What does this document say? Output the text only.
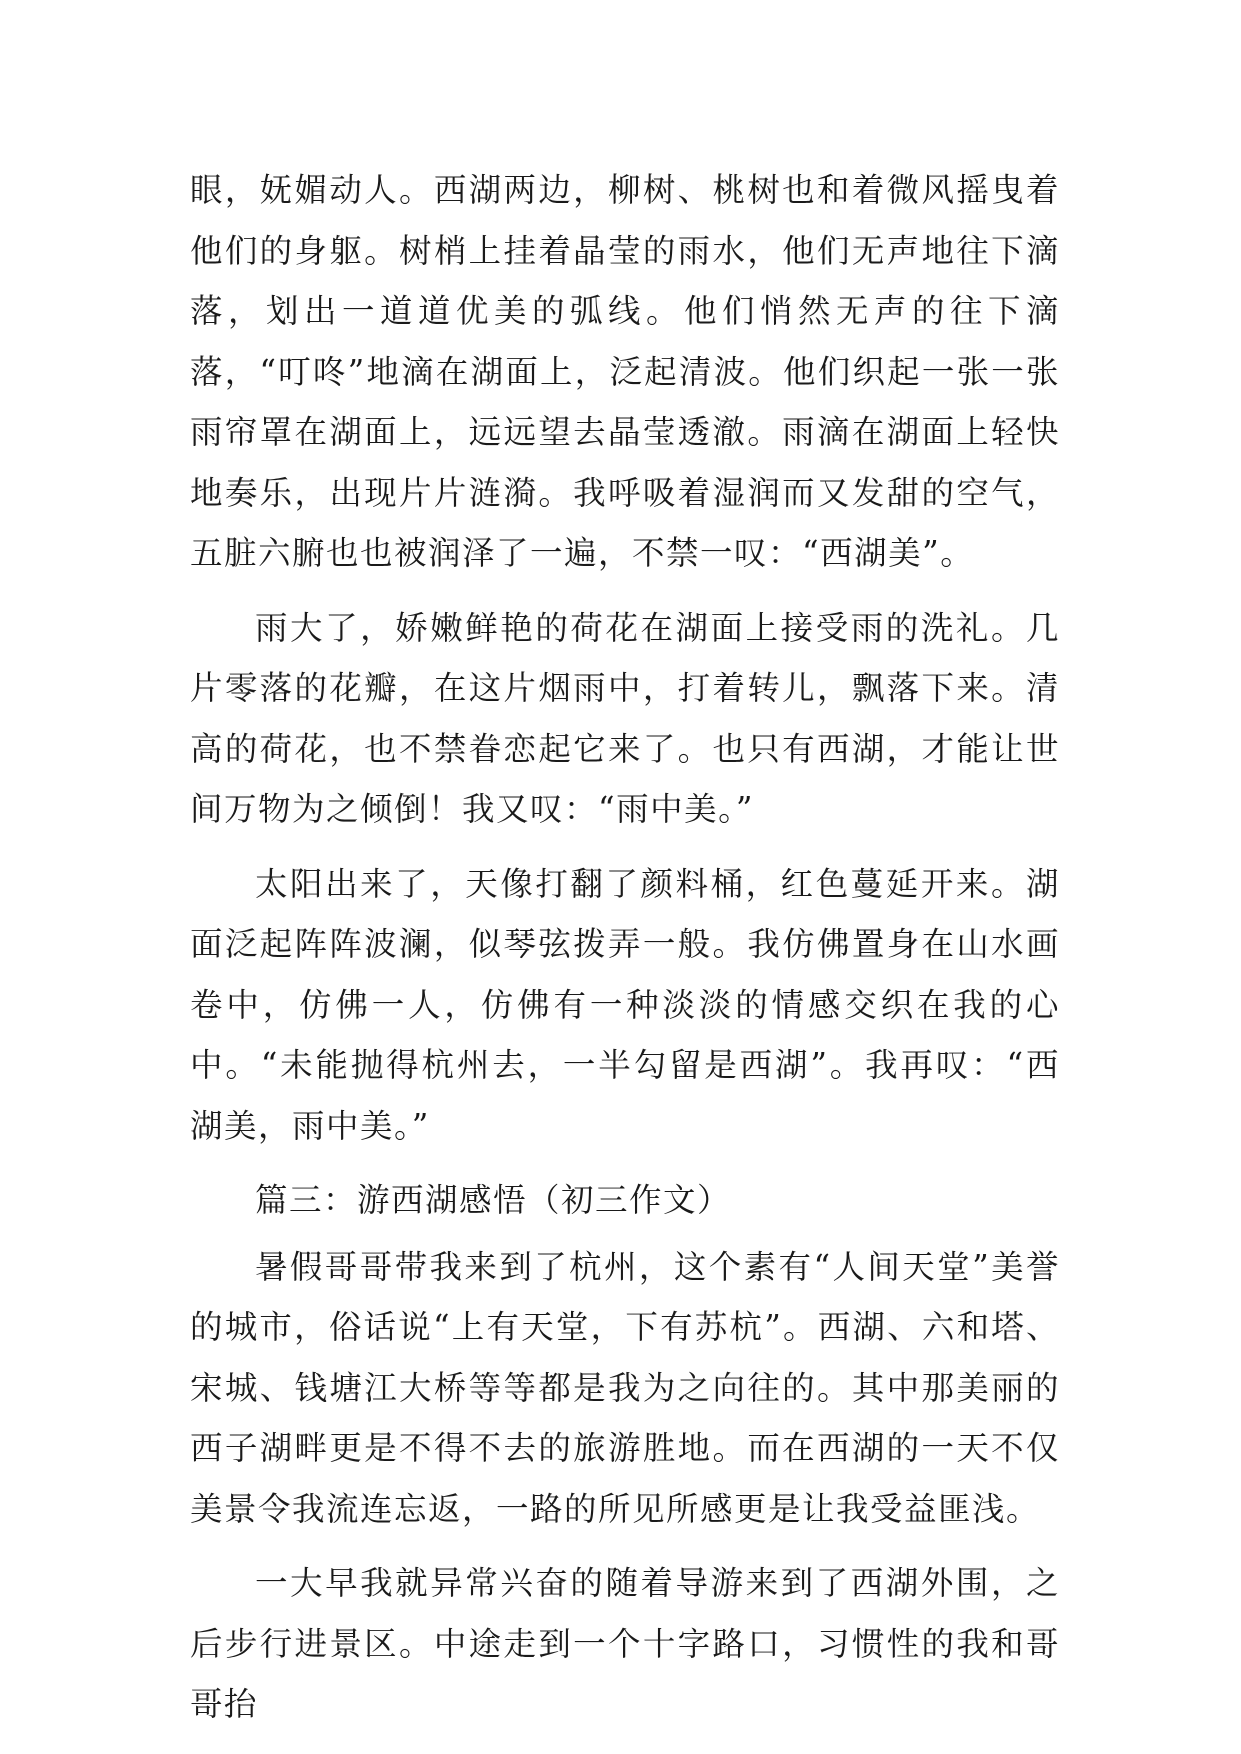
眼，妩媚动人。西湖两边，柳树、桃树也和着微风摇曳着他们的身躯。树梢上挂着晶莹的雨水，他们无声地往下滴落，划出一道道优美的弧线。他们悄然无声的往下滴落，“叮咚”地滴在湖面上，泛起清波。他们织起一张一张雨帘罩在湖面上，远远望去晶莹透澈。雨滴在湖面上轻快地奏乐，出现片片涟漪。我呼吸着湿润而又发甜的空气，五脏六腑也也被润泽了一遍，不禁一叹：“西湖美”。

雨大了，娇嫩鲜艳的荷花在湖面上接受雨的洗礼。几片零落的花瓣，在这片烟雨中，打着转儿，飘落下来。清高的荷花，也不禁眷恋起它来了。也只有西湖，才能让世间万物为之倾倒！我又叹：“雨中美。”

太阳出来了，天像打翻了颜料桶，红色蔓延开来。湖面泛起阵阵波澜，似琴弦拨弄一般。我仿佛置身在山水画卷中，仿佛一人，仿佛有一种淡淡的情感交织在我的心中。“未能抛得杭州去，一半勾留是西湖”。我再叹：“西湖美，雨中美。”

篇三：游西湖感悟（初三作文）

暑假哥哥带我来到了杭州，这个素有“人间天堂”美誉的城市，俗话说“上有天堂，下有苏杭”。西湖、六和塔、宋城、钱塘江大桥等等都是我为之向往的。其中那美丽的西子湖畔更是不得不去的旅游胜地。而在西湖的一天不仅美景令我流连忘返，一路的所见所感更是让我受益匪浅。

一大早我就异常兴奋的随着导游来到了西湖外围，之后步行进景区。中途走到一个十字路口，习惯性的我和哥哥抬
